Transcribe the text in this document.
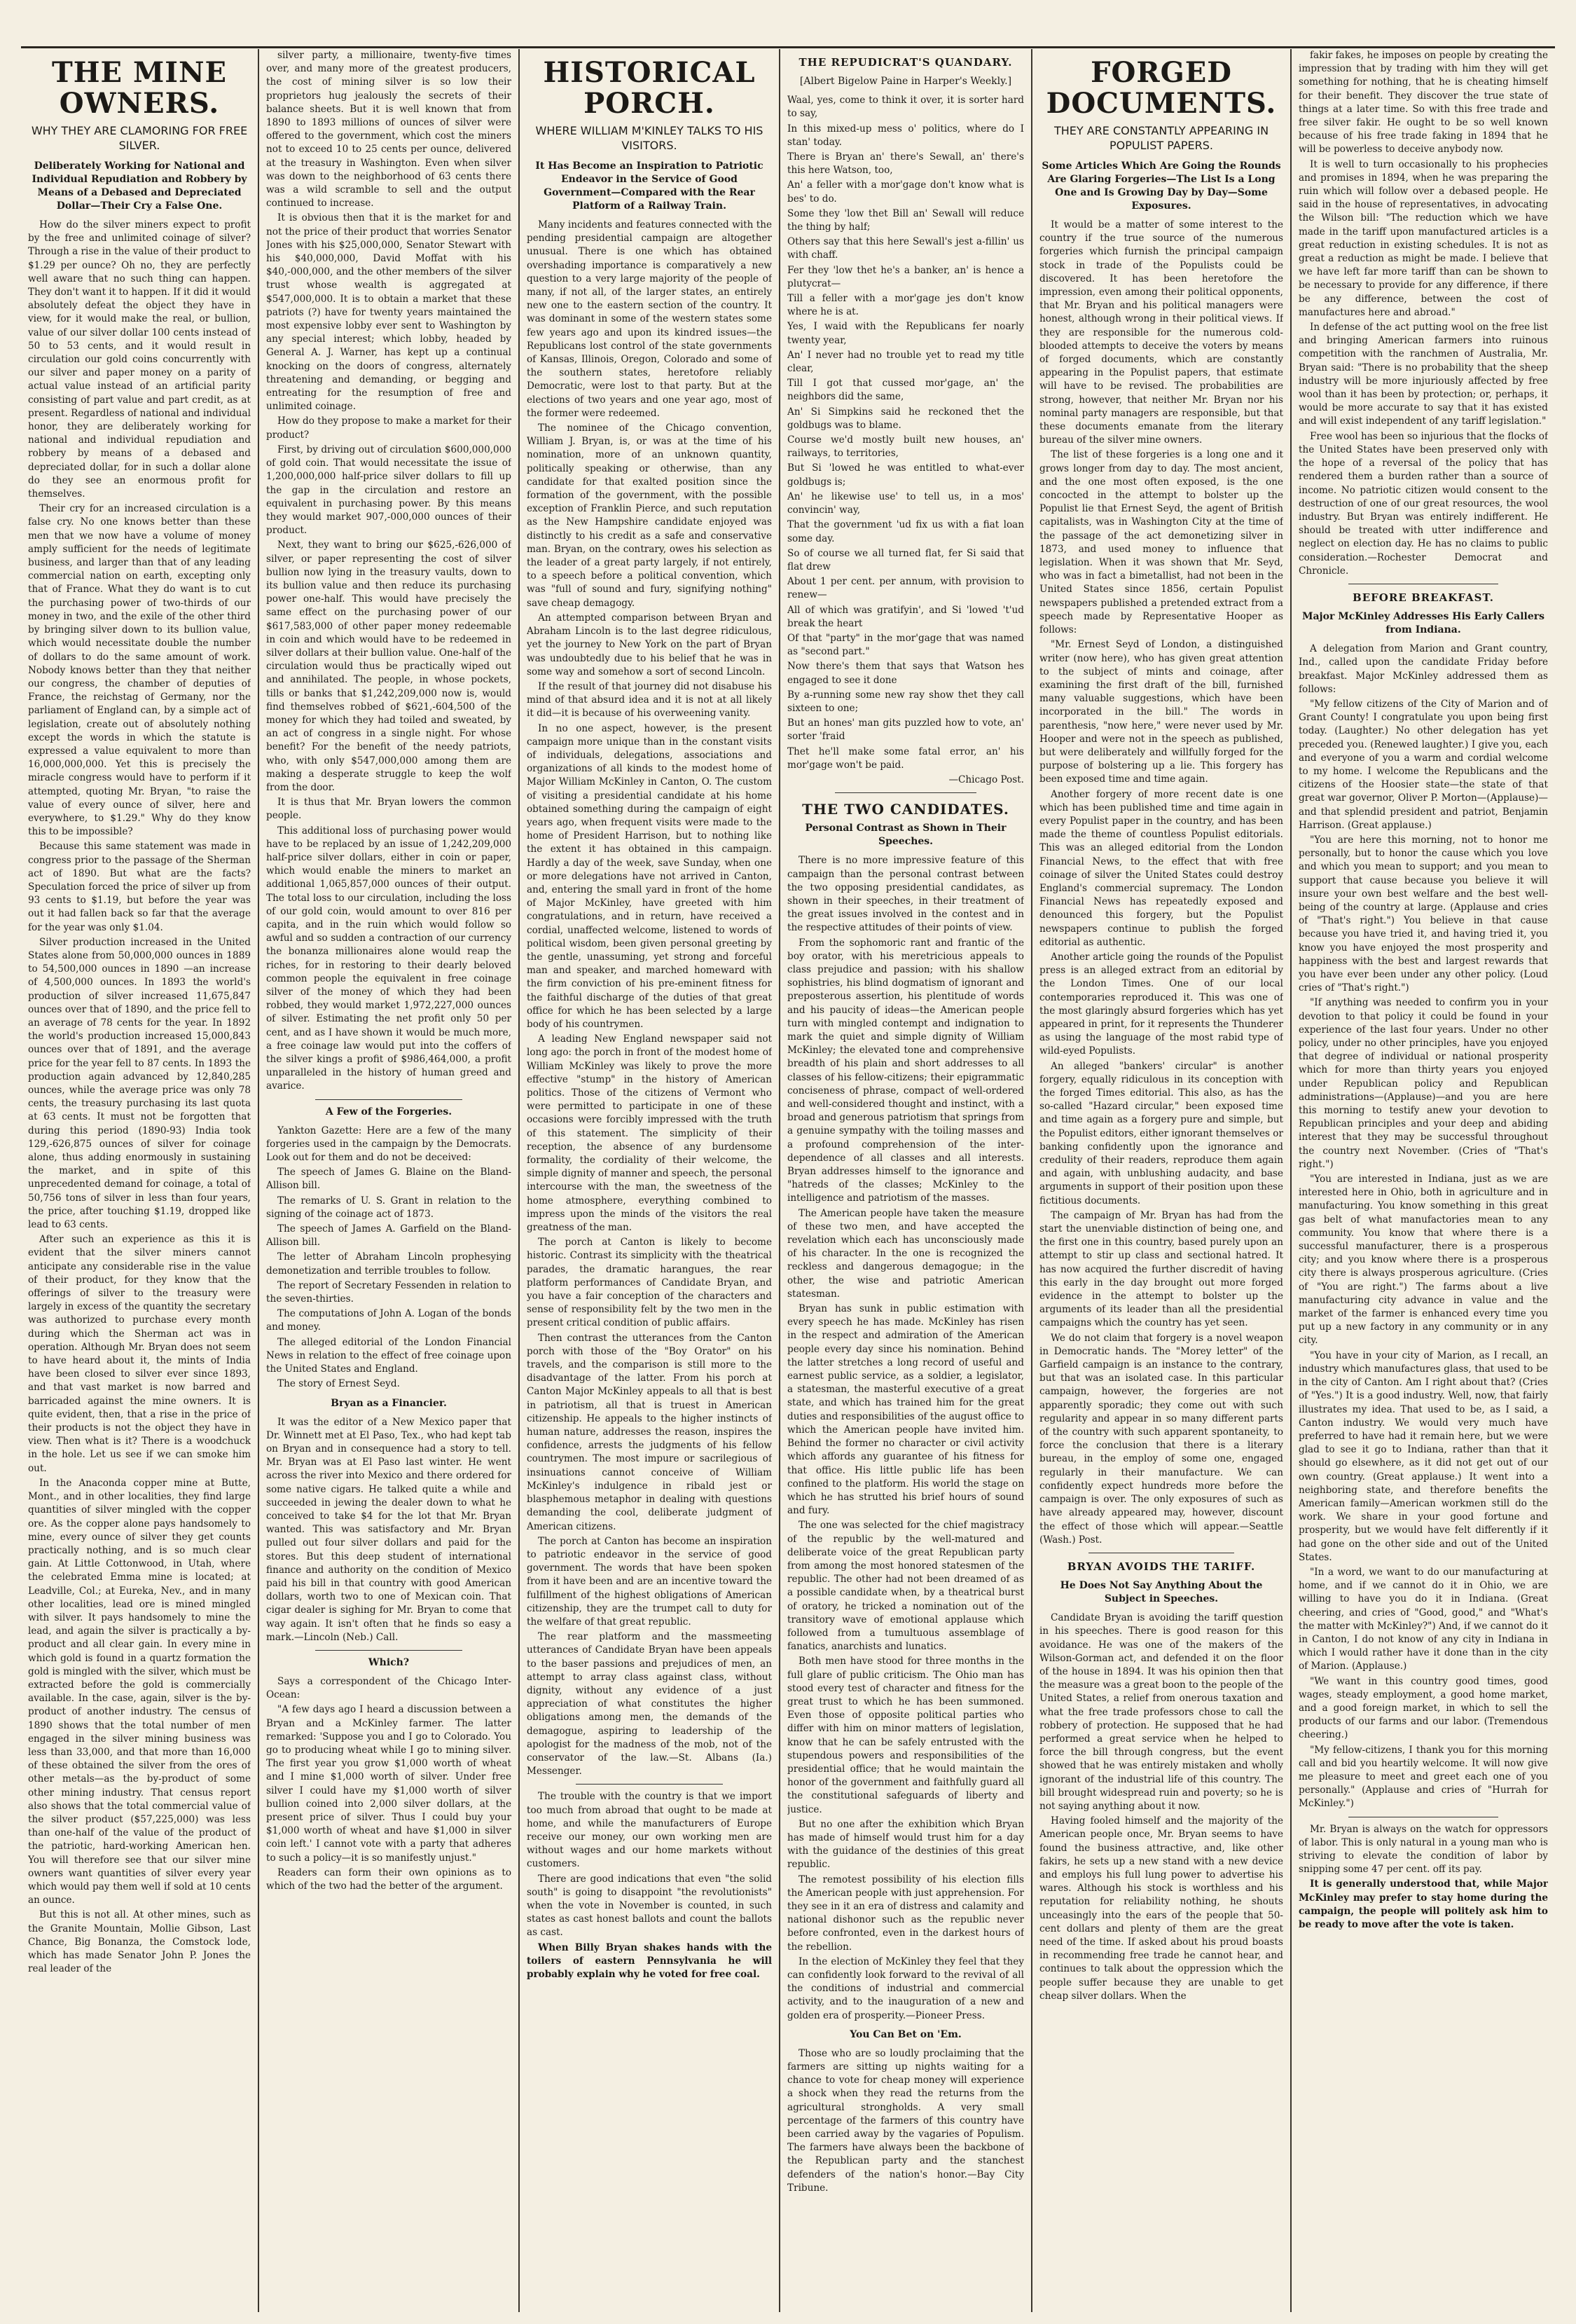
THE MINE OWNERS.
WHY THEY ARE CLAMORING FOR FREE SILVER.
Deliberately Working for National and Individual Repudiation and Robbery by Means of a Debased and Depreciated Dollar—Their Cry a False One.

How do the silver miners expect to profit by the free and unlimited coinage of silver? Through a rise in the value of their product to $1.29 per ounce? Oh no, they are perfectly well aware that no such thing can happen. They don't want it to happen. If it did it would absolutely defeat the object they have in view, for it would make the real, or bullion, value of our silver dollar 100 cents instead of 50 to 53 cents, and it would result in circulation our gold coins concurrently with our silver and paper money on a parity of actual value instead of an artificial parity consisting of part value and part credit, as at present. Regardless of national and individual honor, they are deliberately working for national and individual repudiation and robbery by means of a debased and depreciated dollar, for in such a dollar alone do they see an enormous profit for themselves.

Their cry for an increased circulation is a false cry. No one knows better than these men that we now have a volume of money amply sufficient for the needs of legitimate business, and larger than that of any leading commercial nation on earth, excepting only that of France. What they do want is to cut the purchasing power of two-thirds of our money in two, and the exile of the other third by bringing silver down to its bullion value, which would necessitate double the number of dollars to do the same amount of work. Nobody knows better than they that neither our congress, the chamber of deputies of France, the reichstag of Germany, nor the parliament of England can, by a simple act of legislation, create out of absolutely nothing except the words in which the statute is expressed a value equivalent to more than 16,000,000,000. Yet this is precisely the miracle congress would have to perform if it attempted, quoting Mr. Bryan, "to raise the value of every ounce of silver, here and everywhere, to $1.29." Why do they know this to be impossible?

Because this same statement was made in congress prior to the passage of the Sherman act of 1890. But what are the facts? Speculation forced the price of silver up from 93 cents to $1.19, but before the year was out it had fallen back so far that the average for the year was only $1.04.

Silver production increased in the United States alone from 50,000,000 ounces in 1889 to 54,500,000 ounces in 1890 —an increase of 4,500,000 ounces. In 1893 the world's production of silver increased 11,675,847 ounces over that of 1890, and the price fell to an average of 78 cents for the year. In 1892 the world's production increased 15,000,843 ounces over that of 1891, and the average price for the year fell to 87 cents. In 1893 the production again advanced by 12,840,285 ounces, while the average price was only 78 cents, the treasury purchasing its last quota at 63 cents. It must not be forgotten that during this period (1890-93) India took 129,-626,875 ounces of silver for coinage alone, thus adding enormously in sustaining the market, and in spite of this unprecedented demand for coinage, a total of 50,756 tons of silver in less than four years, the price, after touching $1.19, dropped like lead to 63 cents.

After such an experience as this it is evident that the silver miners cannot anticipate any considerable rise in the value of their product, for they know that the offerings of silver to the treasury were largely in excess of the quantity the secretary was authorized to purchase every month during which the Sherman act was in operation. Although Mr. Bryan does not seem to have heard about it, the mints of India have been closed to silver ever since 1893, and that vast market is now barred and barricaded against the mine owners. It is quite evident, then, that a rise in the price of their products is not the object they have in view. Then what is it? There is a woodchuck in the hole. Let us see if we can smoke him out.

In the Anaconda copper mine at Butte, Mont., and in other localities, they find large quantities of silver mingled with the copper ore. As the copper alone pays handsomely to mine, every ounce of silver they get counts practically nothing, and is so much clear gain. At Little Cottonwood, in Utah, where the celebrated Emma mine is located; at Leadville, Col.; at Eureka, Nev., and in many other localities, lead ore is mined mingled with silver. It pays handsomely to mine the lead, and again the silver is practically a by-product and all clear gain. In every mine in which gold is found in a quartz formation the gold is mingled with the silver, which must be extracted before the gold is commercially available. In the case, again, silver is the by-product of another industry. The census of 1890 shows that the total number of men engaged in the silver mining business was less than 33,000, and that more than 16,000 of these obtained the silver from the ores of other metals—as the by-product of some other mining industry. That census report also shows that the total commercial value of the silver product ($57,225,000) was less than one-half of the value of the product of the patriotic, hard-working American hen. You will therefore see that our silver mine owners want quantities of silver every year which would pay them well if sold at 10 cents an ounce.

But this is not all. At other mines, such as the Granite Mountain, Mollie Gibson, Last Chance, Big Bonanza, the Comstock lode, which has made Senator John P. Jones the real leader of the

silver party, a millionaire, twenty-five times over, and many more of the greatest producers, the cost of mining silver is so low their proprietors hug jealously the secrets of their balance sheets. But it is well known that from 1890 to 1893 millions of ounces of silver were offered to the government, which cost the miners not to exceed 10 to 25 cents per ounce, delivered at the treasury in Washington. Even when silver was down to the neighborhood of 63 cents there was a wild scramble to sell and the output continued to increase.

It is obvious then that it is the market for and not the price of their product that worries Senator Jones with his $25,000,000, Senator Stewart with his $40,000,000, David Moffat with his $40,-000,000, and the other members of the silver trust whose wealth is aggregated at $547,000,000. It is to obtain a market that these patriots (?) have for twenty years maintained the most expensive lobby ever sent to Washington by any special interest; which lobby, headed by General A. J. Warner, has kept up a continual knocking on the doors of congress, alternately threatening and demanding, or begging and entreating for the resumption of free and unlimited coinage.

How do they propose to make a market for their product?

First, by driving out of circulation $600,000,000 of gold coin. That would necessitate the issue of 1,200,000,000 half-price silver dollars to fill up the gap in the circulation and restore an equivalent in purchasing power. By this means they would market 907,-000,000 ounces of their product.

Next, they want to bring our $625,-626,000 of silver, or paper representing the cost of silver bullion now lying in the treasury vaults, down to its bullion value and then reduce its purchasing power one-half. This would have precisely the same effect on the purchasing power of our $617,583,000 of other paper money redeemable in coin and which would have to be redeemed in silver dollars at their bullion value. One-half of the circulation would thus be practically wiped out and annihilated. The people, in whose pockets, tills or banks that $1,242,209,000 now is, would find themselves robbed of $621,-604,500 of the money for which they had toiled and sweated, by an act of congress in a single night. For whose benefit? For the benefit of the needy patriots, who, with only $547,000,000 among them are making a desperate struggle to keep the wolf from the door.

It is thus that Mr. Bryan lowers the common people.

This additional loss of purchasing power would have to be replaced by an issue of 1,242,209,000 half-price silver dollars, either in coin or paper, which would enable the miners to market an additional 1,065,857,000 ounces of their output. The total loss to our circulation, including the loss of our gold coin, would amount to over 816 per capita, and in the ruin which would follow so awful and so sudden a contraction of our currency the bonanza millionaires alone would reap the riches, for in restoring to their dearly beloved common people the equivalent in free coinage silver of the money of which they had been robbed, they would market 1,972,227,000 ounces of silver. Estimating the net profit only 50 per cent, and as I have shown it would be much more, a free coinage law would put into the coffers of the silver kings a profit of $986,464,000, a profit unparalleled in the history of human greed and avarice.

A Few of the Forgeries.

Yankton Gazette: Here are a few of the many forgeries used in the campaign by the Democrats. Look out for them and do not be deceived:

The speech of James G. Blaine on the Bland-Allison bill.

The remarks of U. S. Grant in relation to the signing of the coinage act of 1873.

The speech of James A. Garfield on the Bland-Allison bill.

The letter of Abraham Lincoln prophesying demonetization and terrible troubles to follow.

The report of Secretary Fessenden in relation to the seven-thirties.

The computations of John A. Logan of the bonds and money.

The alleged editorial of the London Financial News in relation to the effect of free coinage upon the United States and England.

The story of Ernest Seyd.

Bryan as a Financier.

It was the editor of a New Mexico paper that Dr. Winnett met at El Paso, Tex., who had kept tab on Bryan and in consequence had a story to tell. Mr. Bryan was at El Paso last winter. He went across the river into Mexico and there ordered for some native cigars. He talked quite a while and succeeded in jewing the dealer down to what he conceived to take $4 for the lot that Mr. Bryan wanted. This was satisfactory and Mr. Bryan pulled out four silver dollars and paid for the stores. But this deep student of international finance and authority on the condition of Mexico paid his bill in that country with good American dollars, worth two to one of Mexican coin. That cigar dealer is sighing for Mr. Bryan to come that way again. It isn't often that he finds so easy a mark.—Lincoln (Neb.) Call.

Which?

Says a correspondent of the Chicago Inter-Ocean:

"A few days ago I heard a discussion between a Bryan and a McKinley farmer. The latter remarked: 'Suppose you and I go to Colorado. You go to producing wheat while I go to mining silver. The first year you grow $1,000 worth of wheat and I mine $1,000 worth of silver. Under free silver I could have my $1,000 worth of silver bullion coined into 2,000 silver dollars, at the present price of silver. Thus I could buy your $1,000 worth of wheat and have $1,000 in silver coin left.' I cannot vote with a party that adheres to such a policy—it is so manifestly unjust."

Readers can form their own opinions as to which of the two had the better of the argument.

HISTORICAL PORCH.
WHERE WILLIAM M'KINLEY TALKS TO HIS VISITORS.
It Has Become an Inspiration to Patriotic Endeavor in the Service of Good Government—Compared with the Rear Platform of a Railway Train.

Many incidents and features connected with the pending presidential campaign are altogether unusual. There is one which has obtained overshading importance is comparatively a new question to a very large majority of the people of many, if not all, of the larger states, an entirely new one to the eastern section of the country. It was dominant in some of the western states some few years ago and upon its kindred issues—the Republicans lost control of the state governments of Kansas, Illinois, Oregon, Colorado and some of the southern states, heretofore reliably Democratic, were lost to that party. But at the elections of two years and one year ago, most of the former were redeemed.

The nominee of the Chicago convention, William J. Bryan, is, or was at the time of his nomination, more of an unknown quantity, politically speaking or otherwise, than any candidate for that exalted position since the formation of the government, with the possible exception of Franklin Pierce, and such reputation as the New Hampshire candidate enjoyed was distinctly to his credit as a safe and conservative man. Bryan, on the contrary, owes his selection as the leader of a great party largely, if not entirely, to a speech before a political convention, which was "full of sound and fury, signifying nothing" save cheap demagogy.

An attempted comparison between Bryan and Abraham Lincoln is to the last degree ridiculous, yet the journey to New York on the part of Bryan was undoubtedly due to his belief that he was in some way and somehow a sort of second Lincoln.

If the result of that journey did not disabuse his mind of that absurd idea and it is not at all likely it did—it is because of his overweening vanity.

In no one aspect, however, is the present campaign more unique than in the constant visits of individuals, delegations, associations and organizations of all kinds to the modest home of Major William McKinley in Canton, O. The custom of visiting a presidential candidate at his home obtained something during the campaign of eight years ago, when frequent visits were made to the home of President Harrison, but to nothing like the extent it has obtained in this campaign. Hardly a day of the week, save Sunday, when one or more delegations have not arrived in Canton, and, entering the small yard in front of the home of Major McKinley, have greeted with him congratulations, and in return, have received a cordial, unaffected welcome, listened to words of political wisdom, been given personal greeting by the gentle, unassuming, yet strong and forceful man and speaker, and marched homeward with the firm conviction of his pre-eminent fitness for the faithful discharge of the duties of that great office for which he has been selected by a large body of his countrymen.

A leading New England newspaper said not long ago: the porch in front of the modest home of William McKinley was likely to prove the more effective "stump" in the history of American politics. Those of the citizens of Vermont who were permitted to participate in one of these occasions were forcibly impressed with the truth of this statement. The simplicity of their reception, the absence of any burdensome formality, the cordiality of their welcome, the simple dignity of manner and speech, the personal intercourse with the man, the sweetness of the home atmosphere, everything combined to impress upon the minds of the visitors the real greatness of the man.

The porch at Canton is likely to become historic. Contrast its simplicity with the theatrical parades, the dramatic harangues, the rear platform performances of Candidate Bryan, and you have a fair conception of the characters and sense of responsibility felt by the two men in the present critical condition of public affairs.

Then contrast the utterances from the Canton porch with those of the "Boy Orator" on his travels, and the comparison is still more to the disadvantage of the latter. From his porch at Canton Major McKinley appeals to all that is best in patriotism, all that is truest in American citizenship. He appeals to the higher instincts of human nature, addresses the reason, inspires the confidence, arrests the judgments of his fellow countrymen. The most impure or sacrilegious of insinuations cannot conceive of William McKinley's indulgence in ribald jest or blasphemous metaphor in dealing with questions demanding the cool, deliberate judgment of American citizens.

The porch at Canton has become an inspiration to patriotic endeavor in the service of good government. The words that have been spoken from it have been and are an incentive toward the fulfillment of the highest obligations of American citizenship, they are the trumpet call to duty for the welfare of that great republic.

The rear platform and the massmeeting utterances of Candidate Bryan have been appeals to the baser passions and prejudices of men, an attempt to array class against class, without dignity, without any evidence of a just appreciation of what constitutes the higher obligations among men, the demands of the demagogue, aspiring to leadership of the apologist for the madness of the mob, not of the conservator of the law.—St. Albans (Ia.) Messenger.

The trouble with the country is that we import too much from abroad that ought to be made at home, and while the manufacturers of Europe receive our money, our own working men are without wages and our home markets without customers.

There are good indications that even "the solid south" is going to disappoint "the revolutionists" when the vote in November is counted, in such states as cast honest ballots and count the ballots as cast.

When Billy Bryan shakes hands with the toilers of eastern Pennsylvania he will probably explain why he voted for free coal.

THE REPUDICRAT'S QUANDARY.
[Albert Bigelow Paine in Harper's Weekly.]

Waal, yes, come to think it over, it is sorter hard to say,

In this mixed-up mess o' politics, where do I stan' today.

There is Bryan an' there's Sewall, an' there's this here Watson, too,

An' a feller with a mor'gage don't know what is bes' to do.

Some they 'low thet Bill an' Sewall will reduce the thing by half;

Others say that this here Sewall's jest a-fillin' us with chaff.

Fer they 'low thet he's a banker, an' is hence a plutycrat—

Till a feller with a mor'gage jes don't know where he is at.

Yes, I waid with the Republicans fer noarly twenty year,

An' I never had no trouble yet to read my title clear,

Till I got that cussed mor'gage, an' the neighbors did the same,

An' Si Simpkins said he reckoned thet the goldbugs was to blame.

Course we'd mostly built new houses, an' railways, to territories,

But Si 'lowed he was entitled to what-ever goldbugs is;

An' he likewise use' to tell us, in a mos' convincin' way,

That the government 'ud fix us with a fiat loan some day.

So of course we all turned flat, fer Si said that flat drew

About 1 per cent. per annum, with provision to renew—

All of which was gratifyin', and Si 'lowed 't'ud break the heart

Of that "party" in the mor'gage that was named as "second part."

Now there's them that says that Watson hes engaged to see it done

By a-running some new ray show thet they call sixteen to one;

But an hones' man gits puzzled how to vote, an' sorter 'fraid

Thet he'll make some fatal error, an' his mor'gage won't be paid.

—Chicago Post.

THE TWO CANDIDATES.
Personal Contrast as Shown in Their Speeches.

There is no more impressive feature of this campaign than the personal contrast between the two opposing presidential candidates, as shown in their speeches, in their treatment of the great issues involved in the contest and in the respective attitudes of their points of view.

From the sophomoric rant and frantic of the boy orator, with his meretricious appeals to class prejudice and passion; with his shallow sophistries, his blind dogmatism of ignorant and preposterous assertion, his plentitude of words and his paucity of ideas—the American people turn with mingled contempt and indignation to mark the quiet and simple dignity of William McKinley; the elevated tone and comprehensive breadth of his plain and short addresses to all classes of his fellow-citizens; their epigrammatic conciseness of phrase, compact of well-ordered and well-considered thought and instinct, with a broad and generous patriotism that springs from a genuine sympathy with the toiling masses and a profound comprehension of the inter-dependence of all classes and all interests. Bryan addresses himself to the ignorance and "hatreds of the classes; McKinley to the intelligence and patriotism of the masses.

The American people have taken the measure of these two men, and have accepted the revelation which each has unconsciously made of his character. In the one is recognized the reckless and dangerous demagogue; in the other, the wise and patriotic American statesman.

Bryan has sunk in public estimation with every speech he has made. McKinley has risen in the respect and admiration of the American people every day since his nomination. Behind the latter stretches a long record of useful and earnest public service, as a soldier, a legislator, a statesman, the masterful executive of a great state, and which has trained him for the great duties and responsibilities of the august office to which the American people have invited him. Behind the former no character or civil activity which affords any guarantee of his fitness for that office. His little public life has been confined to the platform. His world the stage on which he has strutted his brief hours of sound and fury.

The one was selected for the chief magistracy of the republic by the well-matured and deliberate voice of the great Republican party from among the most honored statesmen of the republic. The other had not been dreamed of as a possible candidate when, by a theatrical burst of oratory, he tricked a nomination out of the transitory wave of emotional applause which followed from a tumultuous assemblage of fanatics, anarchists and lunatics.

Both men have stood for three months in the full glare of public criticism. The Ohio man has stood every test of character and fitness for the great trust to which he has been summoned. Even those of opposite political parties who differ with him on minor matters of legislation, know that he can be safely entrusted with the stupendous powers and responsibilities of the presidential office; that he would maintain the honor of the government and faithfully guard all the constitutional safeguards of liberty and justice.

But no one after the exhibition which Bryan has made of himself would trust him for a day with the guidance of the destinies of this great republic.

The remotest possibility of his election fills the American people with just apprehension. For they see in it an era of distress and calamity and national dishonor such as the republic never before confronted, even in the darkest hours of the rebellion.

In the election of McKinley they feel that they can confidently look forward to the revival of all the conditions of industrial and commercial activity, and to the inauguration of a new and golden era of prosperity.—Pioneer Press.

You Can Bet on 'Em.

Those who are so loudly proclaiming that the farmers are sitting up nights waiting for a chance to vote for cheap money will experience a shock when they read the returns from the agricultural strongholds. A very small percentage of the farmers of this country have been carried away by the vagaries of Populism. The farmers have always been the backbone of the Republican party and the stanchest defenders of the nation's honor.—Bay City Tribune.

FORGED DOCUMENTS.
THEY ARE CONSTANTLY APPEARING IN POPULIST PAPERS.
Some Articles Which Are Going the Rounds Are Glaring Forgeries—The List Is a Long One and Is Growing Day by Day—Some Exposures.

It would be a matter of some interest to the country if the true source of the numerous forgeries which furnish the principal campaign stock in trade of the Populists could be discovered. It has been heretofore the impression, even among their political opponents, that Mr. Bryan and his political managers were honest, although wrong in their political views. If they are responsible for the numerous cold-blooded attempts to deceive the voters by means of forged documents, which are constantly appearing in the Populist papers, that estimate will have to be revised. The probabilities are strong, however, that neither Mr. Bryan nor his nominal party managers are responsible, but that these documents emanate from the literary bureau of the silver mine owners.

The list of these forgeries is a long one and it grows longer from day to day. The most ancient, and the one most often exposed, is the one concocted in the attempt to bolster up the Populist lie that Ernest Seyd, the agent of British capitalists, was in Washington City at the time of the passage of the act demonetizing silver in 1873, and used money to influence that legislation. When it was shown that Mr. Seyd, who was in fact a bimetallist, had not been in the United States since 1856, certain Populist newspapers published a pretended extract from a speech made by Representative Hooper as follows:

"Mr. Ernest Seyd of London, a distinguished writer (now here), who has given great attention to the subject of mints and coinage, after examining the first draft of the bill, furnished many valuable suggestions, which have been incorporated in the bill." The words in parenthesis, "now here," were never used by Mr. Hooper and were not in the speech as published, but were deliberately and willfully forged for the purpose of bolstering up a lie. This forgery has been exposed time and time again.

Another forgery of more recent date is one which has been published time and time again in every Populist paper in the country, and has been made the theme of countless Populist editorials. This was an alleged editorial from the London Financial News, to the effect that with free coinage of silver the United States could destroy England's commercial supremacy. The London Financial News has repeatedly exposed and denounced this forgery, but the Populist newspapers continue to publish the forged editorial as authentic.

Another article going the rounds of the Populist press is an alleged extract from an editorial by the London Times. One of our local contemporaries reproduced it. This was one of the most glaringly absurd forgeries which has yet appeared in print, for it represents the Thunderer as using the language of the most rabid type of wild-eyed Populists.

An alleged "bankers' circular" is another forgery, equally ridiculous in its conception with the forged Times editorial. This also, as has the so-called "Hazard circular," been exposed time and time again as a forgery pure and simple, but the Populist editors, either ignorant themselves or banking confidently upon the ignorance and credulity of their readers, reproduce them again and again, with unblushing audacity, and base arguments in support of their position upon these fictitious documents.

The campaign of Mr. Bryan has had from the start the unenviable distinction of being one, and the first one in this country, based purely upon an attempt to stir up class and sectional hatred. It has now acquired the further discredit of having this early in the day brought out more forged evidence in the attempt to bolster up the arguments of its leader than all the presidential campaigns which the country has yet seen.

We do not claim that forgery is a novel weapon in Democratic hands. The "Morey letter" of the Garfield campaign is an instance to the contrary, but that was an isolated case. In this particular campaign, however, the forgeries are not apparently sporadic; they come out with such regularity and appear in so many different parts of the country with such apparent spontaneity, to force the conclusion that there is a literary bureau, in the employ of some one, engaged regularly in their manufacture. We can confidently expect hundreds more before the campaign is over. The only exposures of such as have already appeared may, however, discount the effect of those which will appear.—Seattle (Wash.) Post.

BRYAN AVOIDS THE TARIFF.
He Does Not Say Anything About the Subject in Speeches.

Candidate Bryan is avoiding the tariff question in his speeches. There is good reason for this avoidance. He was one of the makers of the Wilson-Gorman act, and defended it on the floor of the house in 1894. It was his opinion then that the measure was a great boon to the people of the United States, a relief from onerous taxation and what the free trade professors chose to call the robbery of protection. He supposed that he had performed a great service when he helped to force the bill through congress, but the event showed that he was entirely mistaken and wholly ignorant of the industrial life of this country. The bill brought widespread ruin and poverty; so he is not saying anything about it now.

Having fooled himself and the majority of the American people once, Mr. Bryan seems to have found the business attractive, and, like other fakirs, he sets up a new stand with a new device and employs his full lung power to advertise his wares. Although his stock is worthless and his reputation for reliability nothing, he shouts unceasingly into the ears of the people that 50-cent dollars and plenty of them are the great need of the time. If asked about his proud boasts in recommending free trade he cannot hear, and continues to talk about the oppression which the people suffer because they are unable to get cheap silver dollars. When the

fakir fakes, he imposes on people by creating the impression that by trading with him they will get something for nothing, that he is cheating himself for their benefit. They discover the true state of things at a later time. So with this free trade and free silver fakir. He ought to be so well known because of his free trade faking in 1894 that he will be powerless to deceive anybody now.

It is well to turn occasionally to his prophecies and promises in 1894, when he was preparing the ruin which will follow over a debased people. He said in the house of representatives, in advocating the Wilson bill: "The reduction which we have made in the tariff upon manufactured articles is a great reduction in existing schedules. It is not as great a reduction as might be made. I believe that we have left far more tariff than can be shown to be necessary to provide for any difference, if there be any difference, between the cost of manufactures here and abroad."

In defense of the act putting wool on the free list and bringing American farmers into ruinous competition with the ranchmen of Australia, Mr. Bryan said: "There is no probability that the sheep industry will be more injuriously affected by free wool than it has been by protection; or, perhaps, it would be more accurate to say that it has existed and will exist independent of any tariff legislation."

Free wool has been so injurious that the flocks of the United States have been preserved only with the hope of a reversal of the policy that has rendered them a burden rather than a source of income. No patriotic citizen would consent to the destruction of one of our great resources, the wool industry. But Bryan was entirely indifferent. He should be treated with utter indifference and neglect on election day. He has no claims to public consideration.—Rochester Democrat and Chronicle.

BEFORE BREAKFAST.
Major McKinley Addresses His Early Callers from Indiana.

A delegation from Marion and Grant country, Ind., called upon the candidate Friday before breakfast. Major McKinley addressed them as follows:

"My fellow citizens of the City of Marion and of Grant County! I congratulate you upon being first today. (Laughter.) No other delegation has yet preceded you. (Renewed laughter.) I give you, each and everyone of you a warm and cordial welcome to my home. I welcome the Republicans and the citizens of the Hoosier state—the state of that great war governor, Oliver P. Morton—(Applause)—and that splendid president and patriot, Benjamin Harrison. (Great applause.)

"You are here this morning, not to honor me personally, but to honor the cause which you love and which you mean to support; and you mean to support that cause because you believe it will insure your own best welfare and the best well-being of the country at large. (Applause and cries of "That's right.") You believe in that cause because you have tried it, and having tried it, you know you have enjoyed the most prosperity and happiness with the best and largest rewards that you have ever been under any other policy. (Loud cries of "That's right.")

"If anything was needed to confirm you in your devotion to that policy it could be found in your experience of the last four years. Under no other policy, under no other principles, have you enjoyed that degree of individual or national prosperity which for more than thirty years you enjoyed under Republican policy and Republican administrations—(Applause)—and you are here this morning to testify anew your devotion to Republican principles and your deep and abiding interest that they may be successful throughout the country next November. (Cries of "That's right.")

"You are interested in Indiana, just as we are interested here in Ohio, both in agriculture and in manufacturing. You know something in this great gas belt of what manufactories mean to any community. You know that where there is a successful manufacturer, there is a prosperous city; and you know where there is a prosperous city there is always prosperous agriculture. (Cries of "You are right.") The farms about a live manufacturing city advance in value and the market of the farmer is enhanced every time you put up a new factory in any community or in any city.

"You have in your city of Marion, as I recall, an industry which manufactures glass, that used to be in the city of Canton. Am I right about that? (Cries of "Yes.") It is a good industry. Well, now, that fairly illustrates my idea. That used to be, as I said, a Canton industry. We would very much have preferred to have had it remain here, but we were glad to see it go to Indiana, rather than that it should go elsewhere, as it did not get out of our own country. (Great applause.) It went into a neighboring state, and therefore benefits the American family—American workmen still do the work. We share in your good fortune and prosperity, but we would have felt differently if it had gone on the other side and out of the United States.

"In a word, we want to do our manufacturing at home, and if we cannot do it in Ohio, we are willing to have you do it in Indiana. (Great cheering, and cries of "Good, good," and "What's the matter with McKinley?") And, if we cannot do it in Canton, I do not know of any city in Indiana in which I would rather have it done than in the city of Marion. (Applause.)

"We want in this country good times, good wages, steady employment, a good home market, and a good foreign market, in which to sell the products of our farms and our labor. (Tremendous cheering.)

"My fellow-citizens, I thank you for this morning call and bid you heartily welcome. It will now give me pleasure to meet and greet each one of you personally." (Applause and cries of "Hurrah for McKinley.")

Mr. Bryan is always on the watch for oppressors of labor. This is only natural in a young man who is striving to elevate the condition of labor by snipping some 47 per cent. off its pay.

It is generally understood that, while Major McKinley may prefer to stay home during the campaign, the people will politely ask him to be ready to move after the vote is taken.
